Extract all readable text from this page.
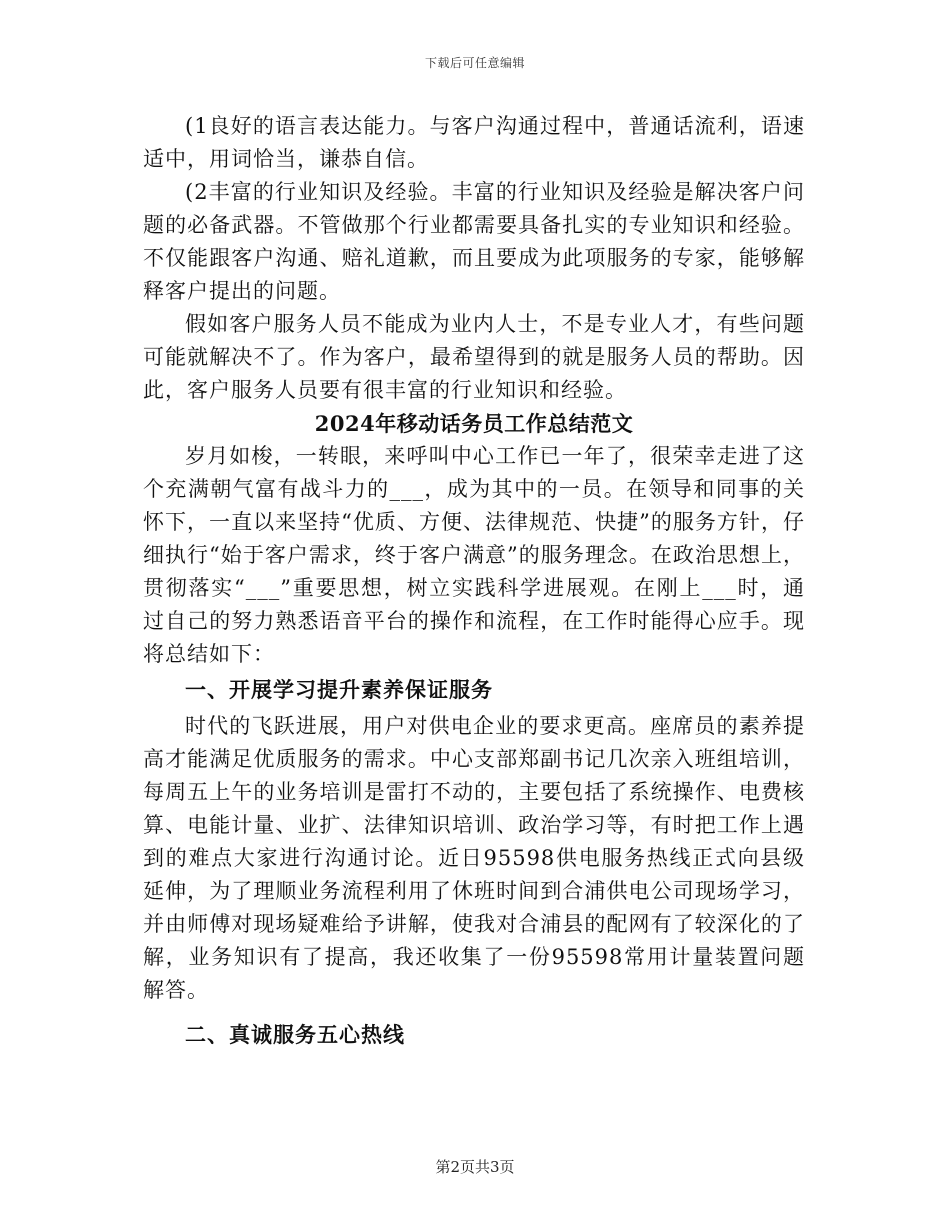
下载后可任意编辑

(1良好的语言表达能力。与客户沟通过程中，普通话流利，语速适中，用词恰当，谦恭自信。

(2丰富的行业知识及经验。丰富的行业知识及经验是解决客户问题的必备武器。不管做那个行业都需要具备扎实的专业知识和经验。不仅能跟客户沟通、赔礼道歉，而且要成为此项服务的专家，能够解释客户提出的问题。

假如客户服务人员不能成为业内人士，不是专业人才，有些问题可能就解决不了。作为客户，最希望得到的就是服务人员的帮助。因此，客户服务人员要有很丰富的行业知识和经验。

2024年移动话务员工作总结范文

岁月如梭，一转眼，来呼叫中心工作已一年了，很荣幸走进了这个充满朝气富有战斗力的___，成为其中的一员。在领导和同事的关怀下，一直以来坚持“优质、方便、法律规范、快捷”的服务方针，仔细执行“始于客户需求，终于客户满意”的服务理念。在政治思想上，贯彻落实“___”重要思想，树立实践科学进展观。在刚上___时，通过自己的努力熟悉语音平台的操作和流程，在工作时能得心应手。现将总结如下：

一、开展学习提升素养保证服务

时代的飞跃进展，用户对供电企业的要求更高。座席员的素养提高才能满足优质服务的需求。中心支部郑副书记几次亲入班组培训，每周五上午的业务培训是雷打不动的，主要包括了系统操作、电费核算、电能计量、业扩、法律知识培训、政治学习等，有时把工作上遇到的难点大家进行沟通讨论。近日95598供电服务热线正式向县级延伸，为了理顺业务流程利用了休班时间到合浦供电公司现场学习，并由师傅对现场疑难给予讲解，使我对合浦县的配网有了较深化的了解，业务知识有了提高，我还收集了一份95598常用计量装置问题解答。

二、真诚服务五心热线

第2页共3页
